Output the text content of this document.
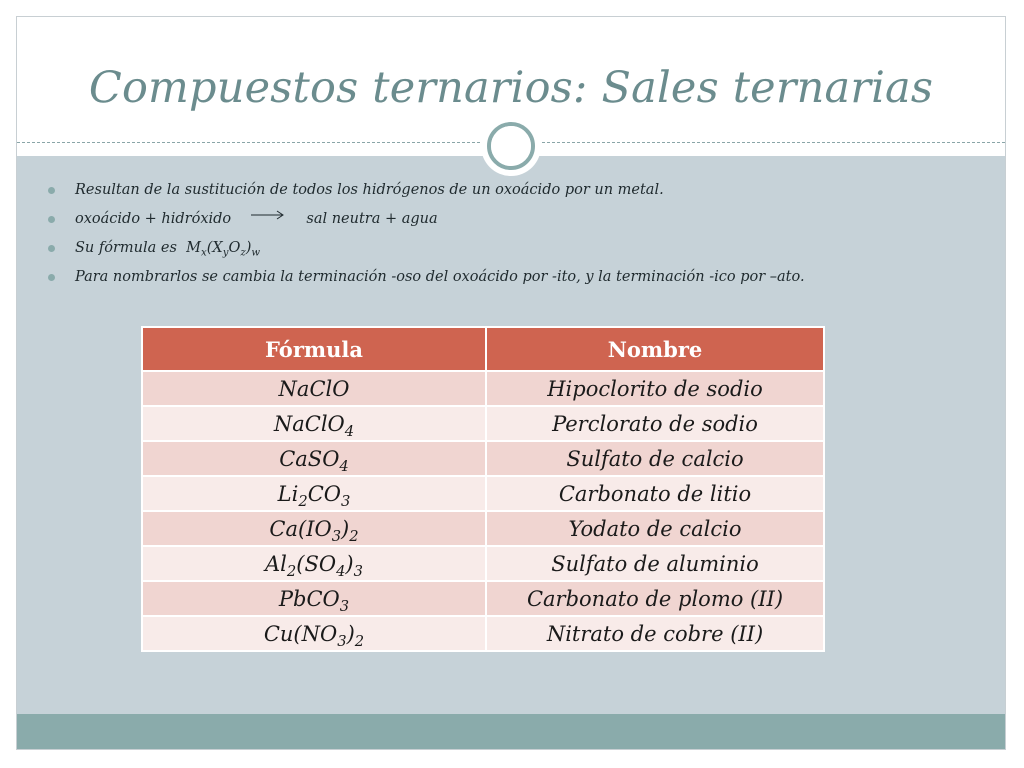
Compuestos ternarios: Sales ternarias
Resultan de la sustitución de todos los hidrógenos de un oxoácido por un metal.
oxoácido + hidróxido	sal neutra + agua
Su fórmula es  $M_x(X_yO_z)_w$
Para nombrarlos se cambia la terminación -oso del oxoácido por -ito, y la terminación -ico por –ato.
Fórmula	Nombre
NaClO	Hipoclorito de sodio
NaClO$_4$	Perclorato de sodio
CaSO$_4$	Sulfato de calcio
$Li_2CO_3$	Carbonato de litio
$Ca(IO_3)_2$	Yodato de calcio
$Al_2(SO_4)_3$	Sulfato de aluminio
PbCO$_3$	Carbonato de plomo (II)
$Cu(NO_3)_2$	Nitrato de cobre (II)
